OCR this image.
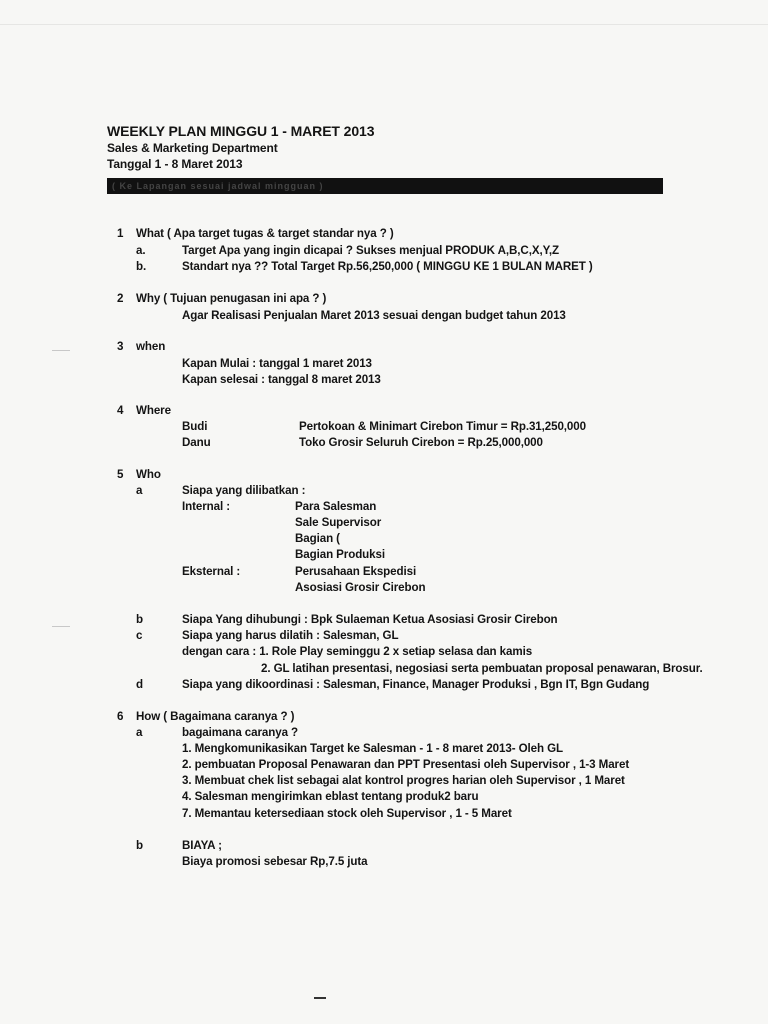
WEEKLY PLAN MINGGU 1 - MARET 2013
Sales & Marketing Department
Tanggal 1 - 8 Maret 2013
( Ke Lapangan sesuai jadwal mingguan )
1 What ( Apa target tugas & target standar nya ? )
a.	Target Apa yang ingin dicapai ? Sukses menjual PRODUK A,B,C,X,Y,Z
b.	Standart nya ?? Total Target Rp.56,250,000 ( MINGGU KE 1 BULAN MARET )
2 Why ( Tujuan penugasan ini apa ? )
Agar Realisasi Penjualan Maret 2013 sesuai dengan budget tahun 2013
3 when
Kapan Mulai : tanggal 1 maret 2013
Kapan selesai : tanggal 8 maret 2013
4 Where
Budi	Pertokoan & Minimart Cirebon Timur = Rp.31,250,000
Danu	Toko Grosir Seluruh Cirebon = Rp.25,000,000
5 Who
a	Siapa yang dilibatkan :
Internal :	Para Salesman
Sale Supervisor
Bagian (
Bagian Produksi
Eksternal :	Perusahaan Ekspedisi
Asosiasi Grosir Cirebon
b	Siapa Yang dihubungi : Bpk Sulaeman Ketua Asosiasi Grosir Cirebon
c	Siapa yang harus dilatih : Salesman, GL
dengan cara : 1. Role Play seminggu 2 x setiap selasa dan kamis
2. GL latihan presentasi, negosiasi serta pembuatan proposal penawaran, Brosur.
d	Siapa yang dikoordinasi : Salesman, Finance, Manager Produksi , Bgn IT, Bgn Gudang
6 How ( Bagaimana caranya ? )
a	bagaimana caranya ?
1. Mengkomunikasikan Target ke Salesman - 1 - 8 maret 2013- Oleh GL
2. pembuatan Proposal Penawaran dan PPT Presentasi oleh Supervisor , 1-3 Maret
3. Membuat chek list sebagai alat kontrol progres harian oleh Supervisor , 1 Maret
4. Salesman mengirimkan eblast tentang produk2 baru
7. Memantau ketersediaan stock oleh Supervisor , 1 - 5 Maret
b	BIAYA ;
Biaya promosi sebesar Rp,7.5 juta
